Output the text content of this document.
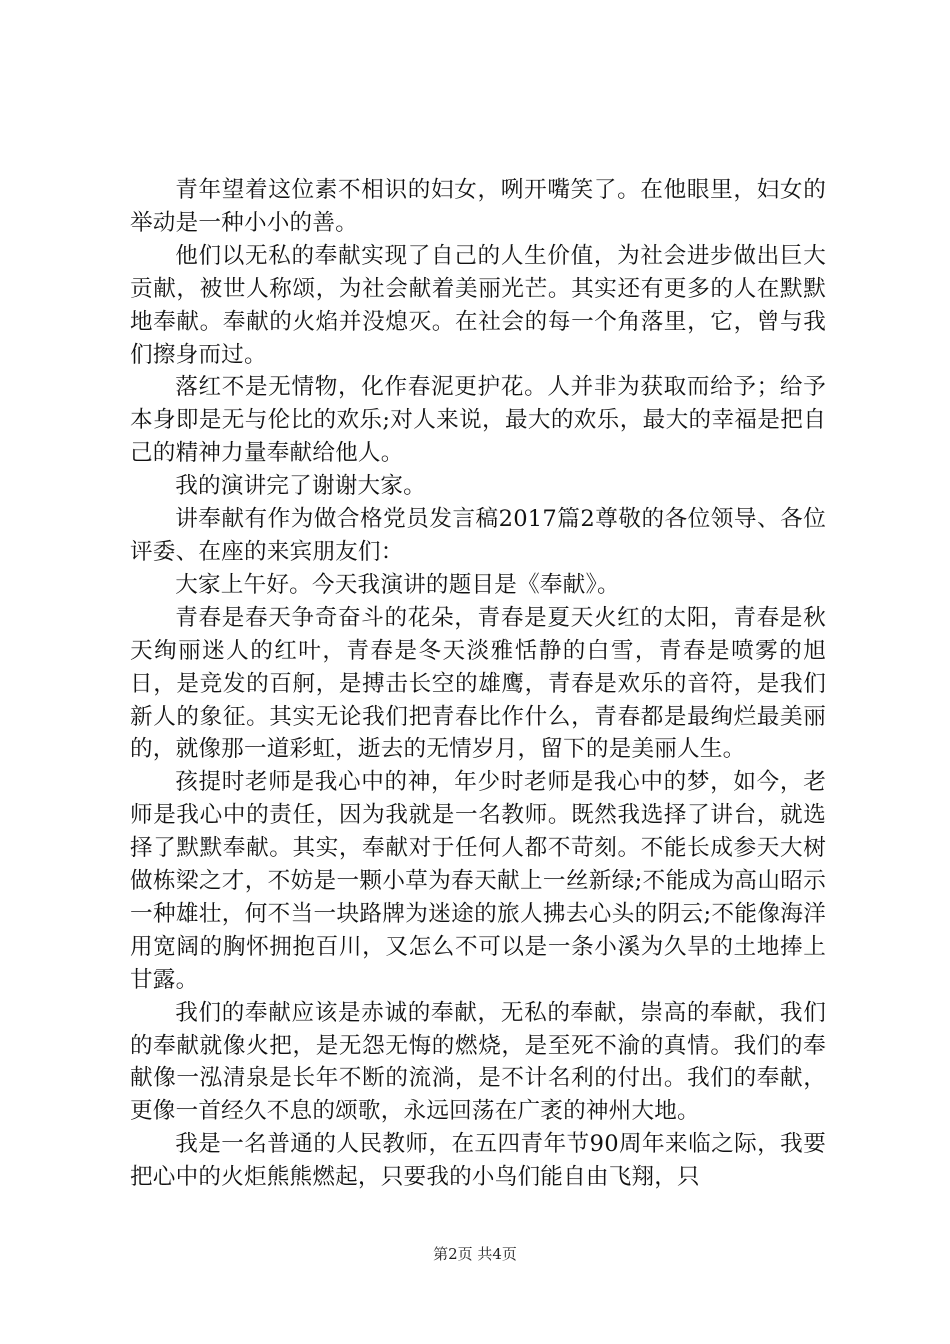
青年望着这位素不相识的妇女，咧开嘴笑了。在他眼里，妇女的举动是一种小小的善。

他们以无私的奉献实现了自己的人生价值，为社会进步做出巨大贡献，被世人称颂，为社会献着美丽光芒。其实还有更多的人在默默地奉献。奉献的火焰并没熄灭。在社会的每一个角落里，它，曾与我们擦身而过。

落红不是无情物，化作春泥更护花。人并非为获取而给予；给予本身即是无与伦比的欢乐;对人来说，最大的欢乐，最大的幸福是把自己的精神力量奉献给他人。

我的演讲完了谢谢大家。

讲奉献有作为做合格党员发言稿2017篇2尊敬的各位领导、各位评委、在座的来宾朋友们：

大家上午好。今天我演讲的题目是《奉献》。

青春是春天争奇奋斗的花朵，青春是夏天火红的太阳，青春是秋天绚丽迷人的红叶，青春是冬天淡雅恬静的白雪，青春是喷雾的旭日，是竞发的百舸，是搏击长空的雄鹰，青春是欢乐的音符，是我们新人的象征。其实无论我们把青春比作什么，青春都是最绚烂最美丽的，就像那一道彩虹，逝去的无情岁月，留下的是美丽人生。

孩提时老师是我心中的神，年少时老师是我心中的梦，如今，老师是我心中的责任，因为我就是一名教师。既然我选择了讲台，就选择了默默奉献。其实，奉献对于任何人都不苛刻。不能长成参天大树做栋梁之才，不妨是一颗小草为春天献上一丝新绿;不能成为高山昭示一种雄壮，何不当一块路牌为迷途的旅人拂去心头的阴云;不能像海洋用宽阔的胸怀拥抱百川，又怎么不可以是一条小溪为久旱的土地捧上甘露。

我们的奉献应该是赤诚的奉献，无私的奉献，崇高的奉献，我们的奉献就像火把，是无怨无悔的燃烧，是至死不渝的真情。我们的奉献像一泓清泉是长年不断的流淌，是不计名利的付出。我们的奉献，更像一首经久不息的颂歌，永远回荡在广袤的神州大地。

我是一名普通的人民教师，在五四青年节90周年来临之际，我要把心中的火炬熊熊燃起，只要我的小鸟们能自由飞翔，只

第2页 共4页
